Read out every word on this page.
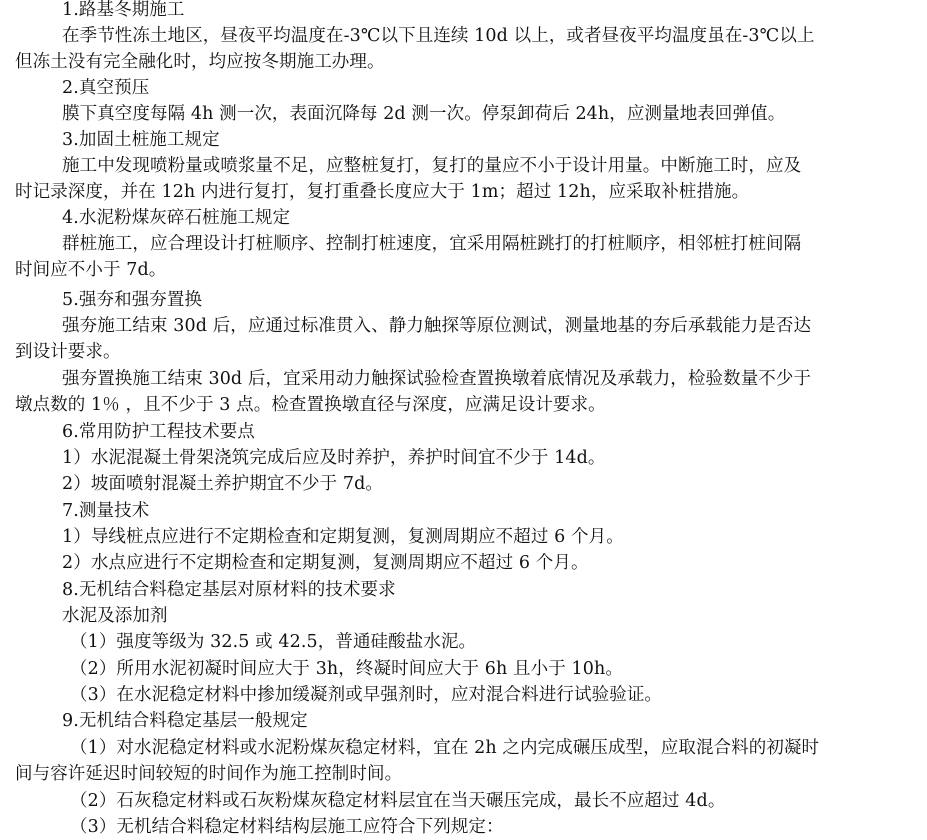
1.路基冬期施工
在季节性冻土地区，昼夜平均温度在-3℃以下且连续 10d 以上，或者昼夜平均温度虽在-3℃以上
但冻土没有完全融化时，均应按冬期施工办理。
2.真空预压
膜下真空度每隔 4h 测一次，表面沉降每 2d 测一次。停泵卸荷后 24h，应测量地表回弹值。
3.加固土桩施工规定
施工中发现喷粉量或喷浆量不足，应整桩复打，复打的量应不小于设计用量。中断施工时，应及
时记录深度，并在 12h 内进行复打，复打重叠长度应大于 1m；超过 12h，应采取补桩措施。
4.水泥粉煤灰碎石桩施工规定
群桩施工，应合理设计打桩顺序、控制打桩速度，宜采用隔桩跳打的打桩顺序，相邻桩打桩间隔
时间应不小于 7d。
5.强夯和强夯置换
强夯施工结束 30d 后，应通过标准贯入、静力触探等原位测试，测量地基的夯后承载能力是否达
到设计要求。
强夯置换施工结束 30d 后，宜采用动力触探试验检查置换墩着底情况及承载力，检验数量不少于
墩点数的 1％ ，且不少于 3 点。检查置换墩直径与深度，应满足设计要求。
6.常用防护工程技术要点
1）水泥混凝土骨架浇筑完成后应及时养护，养护时间宜不少于 14d。
2）坡面喷射混凝土养护期宜不少于 7d。
7.测量技术
1）导线桩点应进行不定期检查和定期复测，复测周期应不超过 6 个月。
2）水点应进行不定期检查和定期复测，复测周期应不超过 6 个月。
8.无机结合料稳定基层对原材料的技术要求
水泥及添加剂
（1）强度等级为 32.5 或 42.5，普通硅酸盐水泥。
（2）所用水泥初凝时间应大于 3h，终凝时间应大于 6h 且小于 10h。
（3）在水泥稳定材料中掺加缓凝剂或早强剂时，应对混合料进行试验验证。
9.无机结合料稳定基层一般规定
（1）对水泥稳定材料或水泥粉煤灰稳定材料，宜在 2h 之内完成碾压成型，应取混合料的初凝时
间与容许延迟时间较短的时间作为施工控制时间。
（2）石灰稳定材料或石灰粉煤灰稳定材料层宜在当天碾压完成，最长不应超过 4d。
（3）无机结合料稳定材料结构层施工应符合下列规定：
